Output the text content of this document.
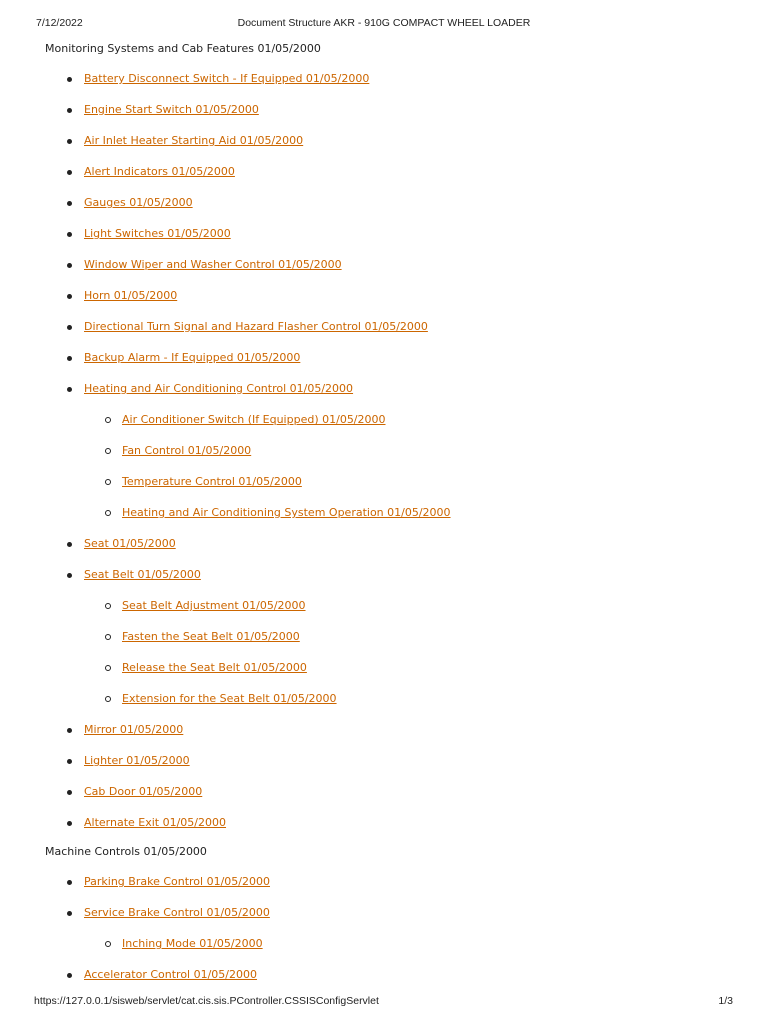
7/12/2022	Document Structure AKR - 910G COMPACT WHEEL LOADER
Monitoring Systems and Cab Features 01/05/2000
Battery Disconnect Switch - If Equipped 01/05/2000
Engine Start Switch 01/05/2000
Air Inlet Heater Starting Aid 01/05/2000
Alert Indicators 01/05/2000
Gauges 01/05/2000
Light Switches 01/05/2000
Window Wiper and Washer Control 01/05/2000
Horn 01/05/2000
Directional Turn Signal and Hazard Flasher Control 01/05/2000
Backup Alarm - If Equipped 01/05/2000
Heating and Air Conditioning Control 01/05/2000
Air Conditioner Switch (If Equipped) 01/05/2000
Fan Control 01/05/2000
Temperature Control 01/05/2000
Heating and Air Conditioning System Operation 01/05/2000
Seat 01/05/2000
Seat Belt 01/05/2000
Seat Belt Adjustment 01/05/2000
Fasten the Seat Belt 01/05/2000
Release the Seat Belt 01/05/2000
Extension for the Seat Belt 01/05/2000
Mirror 01/05/2000
Lighter 01/05/2000
Cab Door 01/05/2000
Alternate Exit 01/05/2000
Machine Controls 01/05/2000
Parking Brake Control 01/05/2000
Service Brake Control 01/05/2000
Inching Mode 01/05/2000
Accelerator Control 01/05/2000
https://127.0.0.1/sisweb/servlet/cat.cis.sis.PController.CSSISConfigServlet	1/3
